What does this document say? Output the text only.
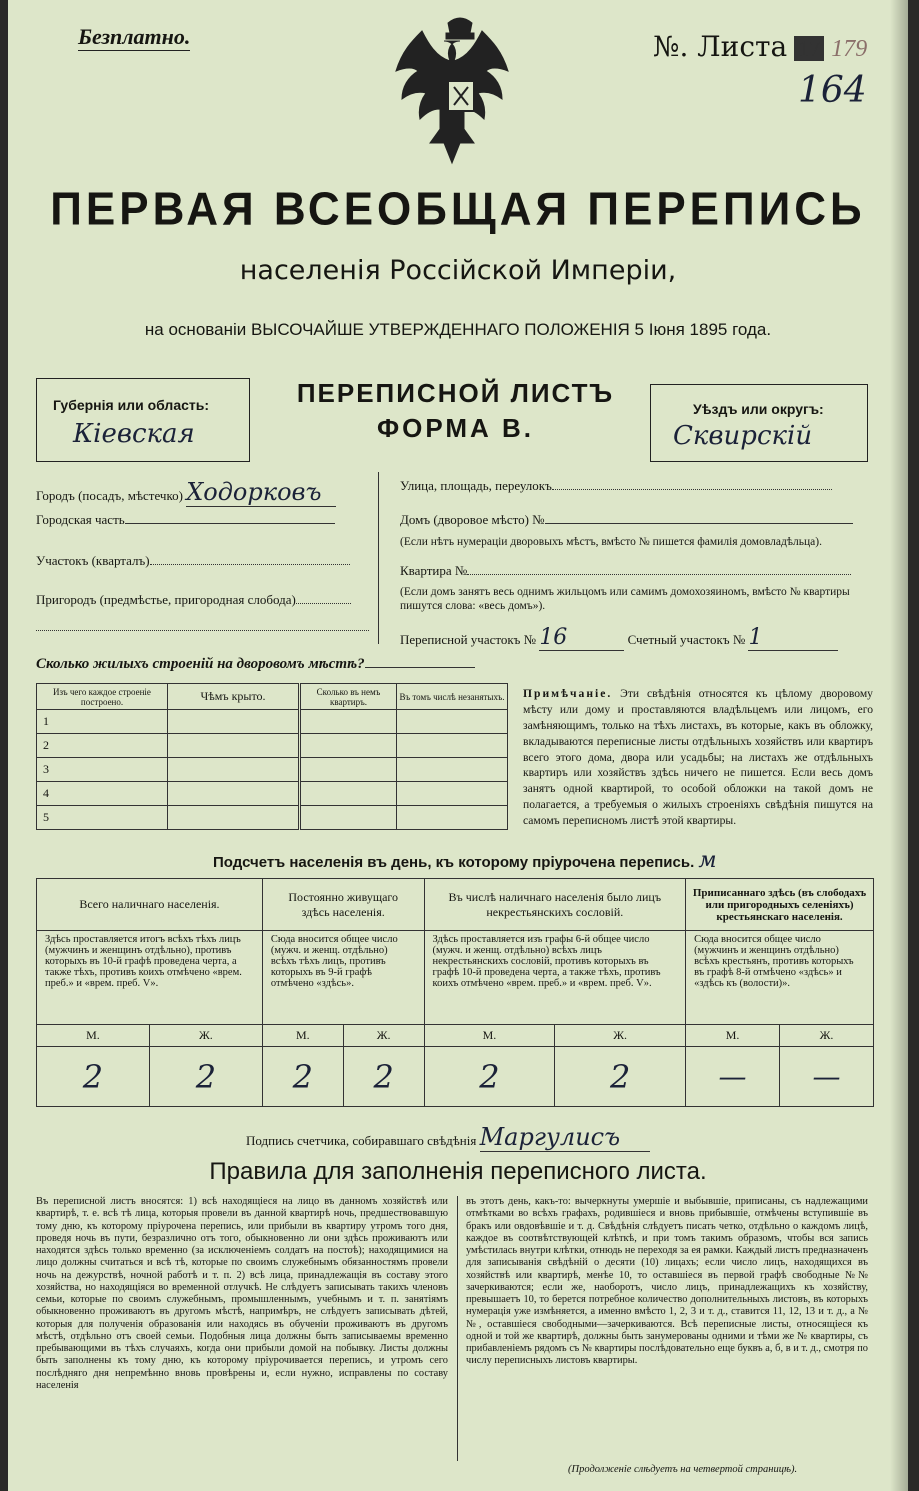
Безплатно.	№. Листа 17 179
164
ПЕРВАЯ ВСЕОБЩАЯ ПЕРЕПИСЬ
населенія Россійской Имперіи,
на основаніи ВЫСОЧАЙШЕ УТВЕРЖДЕННАГО ПОЛОЖЕНІЯ 5 Іюня 1895 года.
Губернія или область:
Кіевская
ПЕРЕПИСНОЙ ЛИСТЪ
ФОРМА В.
Уѣздъ или округъ:
Сквирскій
Городъ (посадъ, мѣстечко) Ходорковъ
Городская часть
Участокъ (кварталъ)
Пригородъ (предмѣстье, пригородная слобода)
Улица, площадь, переулокъ
Домъ (дворовое мѣсто) №
(Если нѣтъ нумераціи дворовыхъ мѣстъ, вмѣсто № пишется фамилія домовладѣльца).
Квартира №
(Если домъ занятъ весь однимъ жильцомъ или самимъ домохозяиномъ, вмѣсто № квартиры пишутся слова: «весь домъ»).
Переписной участокъ № 16	Счетный участокъ № 1
Сколько жилыхъ строеній на дворовомъ мѣстѣ?
Изъ чего каждое строеніе построено.	Чѣмъ крыто.	Сколько въ немъ квартиръ.	Въ томъ числѣ незанятыхъ.
1			
2			
3			
4			
5			
Примѣчаніе. Эти свѣдѣнія относятся къ цѣлому дворовому мѣсту или дому и проставляются владѣльцемъ или лицомъ, его замѣняющимъ, только на тѣхъ листахъ, въ которые, какъ въ обложку, вкладываются переписные листы отдѣльныхъ хозяйствъ или квартиръ всего этого дома, двора или усадьбы; на листахъ же отдѣльныхъ квартиръ или хозяйствъ здѣсь ничего не пишется. Если весь домъ занятъ одной квартирой, то особой обложки на такой домъ не полагается, а требуемыя о жилыхъ строеніяхъ свѣдѣнія пишутся на самомъ переписномъ листѣ этой квартиры.
Подсчетъ населенія въ день, къ которому пріурочена перепись. м
Всего наличнаго населенія.		Постоянно живущаго здѣсь населенія.		Въ числѣ наличнаго населенія было лицъ некрестьянскихъ сословій.		Приписаннаго здѣсь (въ слободахъ или пригородныхъ селеніяхъ) крестьянскаго населенія.	
Здѣсь проставляется итогъ всѣхъ тѣхъ лицъ (мужчинъ и женщинъ отдѣльно), противъ которыхъ въ 10-й графѣ проведена черта, а также тѣхъ, противъ коихъ отмѣчено «врем. преб.» и «врем. преб. V».		Сюда вносится общее число (мужч. и женщ. отдѣльно) всѣхъ тѣхъ лицъ, противъ которыхъ въ 9-й графѣ отмѣчено «здѣсь».		Здѣсь проставляется изъ графы 6-й общее число (мужч. и женщ. отдѣльно) всѣхъ лицъ некрестьянскихъ сословій, противъ которыхъ въ графѣ 10-й проведена черта, а также тѣхъ, противъ коихъ отмѣчено «врем. преб.» и «врем. преб. V».		Сюда вносится общее число (мужчинъ и женщинъ отдѣльно) всѣхъ крестьянъ, противъ которыхъ въ графѣ 8-й отмѣчено «здѣсь» и «здѣсь къ (волости)».	
М.	Ж.	М.	Ж.	М.	Ж.	М.	Ж.
2	2	2	2	2	2	—	—
Подпись счетчика, собиравшаго свѣдѣнія Маргулисъ
Правила для заполненія переписного листа.
Въ переписной листъ вносятся: 1) всѣ находящіеся на лицо въ данномъ хозяйствѣ или квартирѣ, т. е. всѣ тѣ лица, которыя провели въ данной квартирѣ ночь, предшествовавшую тому дню, къ которому пріурочена перепись, или прибыли въ квартиру утромъ того дня, проведя ночь въ пути, безразлично отъ того, обыкновенно ли они здѣсь проживаютъ или находятся здѣсь только временно (за исключеніемъ солдатъ на постоѣ); находящимися на лицо должны считаться и всѣ тѣ, которые по своимъ служебнымъ обязанностямъ провели ночь на дежурствѣ, ночной работѣ и т. п. 2) всѣ лица, принадлежащія въ составу этого хозяйства, но находящіяся во временной отлучкѣ. Не слѣдуетъ записывать такихъ членовъ семьи, которые по своимъ служебнымъ, промышленнымъ, учебнымъ и т. п. занятіямъ обыкновенно проживаютъ въ другомъ мѣстѣ, напримѣръ, не слѣдуетъ записывать дѣтей, которыя для полученія образованія или находясь въ обученіи проживаютъ въ другомъ мѣстѣ, отдѣльно отъ своей семьи. Подобныя лица должны быть записываемы временно пребывающими въ тѣхъ случаяхъ, когда они прибыли домой на побывку. Листы должны быть заполнены къ тому дню, къ которому пріурочивается перепись, и утромъ сего послѣдняго дня непремѣнно вновь провѣрены и, если нужно, исправлены по составу населенія
въ этотъ день, какъ-то: вычеркнуты умершіе и выбывшіе, приписаны, съ надлежащими отмѣтками во всѣхъ графахъ, родившіеся и вновь прибывшіе, отмѣчены вступившіе въ бракъ или овдовѣвшіе и т. д. Свѣдѣнія слѣдуетъ писать четко, отдѣльно о каждомъ лицѣ, каждое въ соотвѣтствующей клѣткѣ, и при томъ такимъ образомъ, чтобы вся запись умѣстилась внутри клѣтки, отнюдь не переходя за ея рамки. Каждый листъ предназначенъ для записыванія свѣдѣній о десяти (10) лицахъ; если число лицъ, находящихся въ хозяйствѣ или квартирѣ, менѣе 10, то оставшіеся въ первой графѣ свободные №№ зачеркиваются; если же, наоборотъ, число лицъ, принадлежащихъ къ хозяйству, превышаетъ 10, то берется потребное количество дополнительныхъ листовъ, въ которыхъ нумерація уже измѣняется, а именно вмѣсто 1, 2, 3 и т. д., ставится 11, 12, 13 и т. д., а №№, оставшіеся свободными—зачеркиваются. Всѣ переписные листы, относящіеся къ одной и той же квартирѣ, должны быть занумерованы одними и тѣми же № квартиры, съ прибавленіемъ рядомъ съ № квартиры послѣдовательно еще буквъ а, б, в и т. д., смотря по числу переписныхъ листовъ квартиры.
(Продолженіе слѣдуетъ на четвертой страницѣ).
